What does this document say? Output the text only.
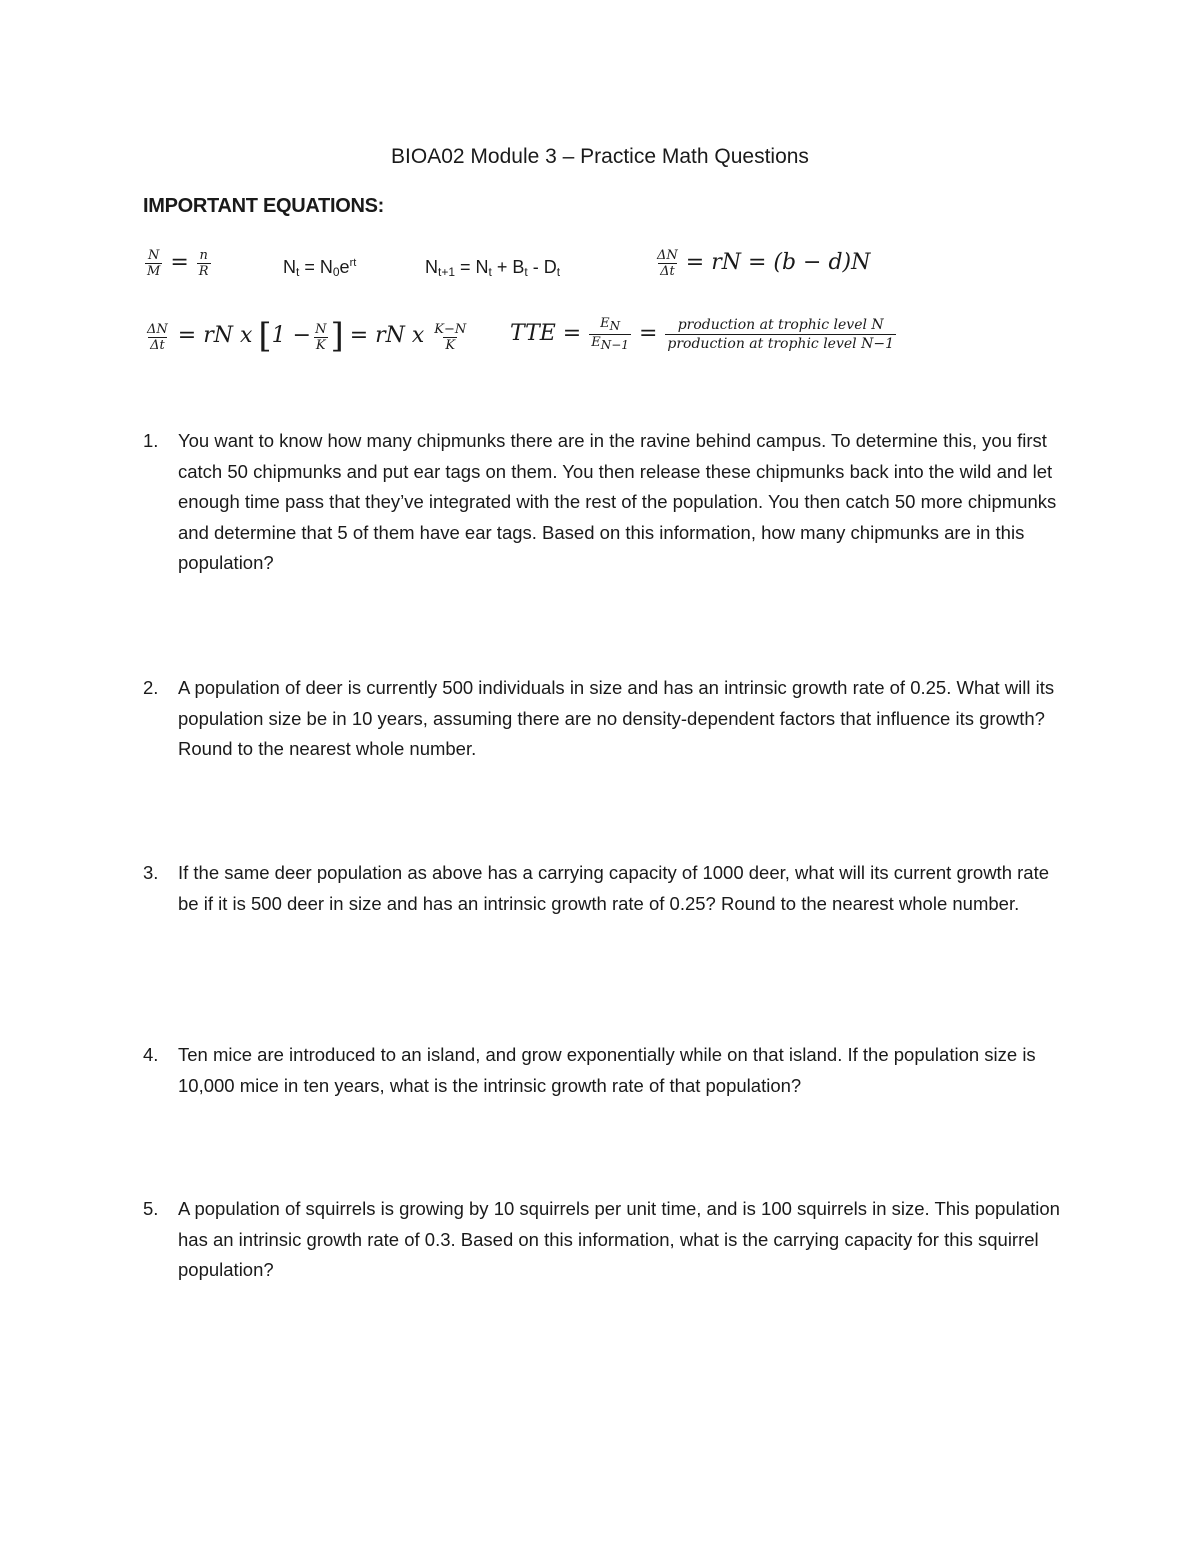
BIOA02 Module 3 – Practice Math Questions
IMPORTANT EQUATIONS:
$\frac{N}{M} = \frac{n}{R}$	$N_t = N_0e^{rt}$	$N_{t+1} = N_t + B_t - D_t$	$\frac{\Delta N}{\Delta t}$ = rN = (b − d)N
$\frac{\Delta N}{\Delta t}$ = rN x [$1 - \frac{N}{K}$ ] = rN x $\frac{K-N}{K}$ TTE = $\frac{EN}{EN-1} = \frac{\text{production at trophic level N}}{\text{production at trophic level N−1}}$
1. You want to know how many chipmunks there are in the ravine behind campus. To determine this, you first catch 50 chipmunks and put ear tags on them. You then release these chipmunks back into the wild and let enough time pass that they’ve integrated with the rest of the population. You then catch 50 more chipmunks and determine that 5 of them have ear tags. Based on this information, how many chipmunks are in this population?
2. A population of deer is currently 500 individuals in size and has an intrinsic growth rate of 0.25. What will its population size be in 10 years, assuming there are no density-dependent factors that influence its growth? Round to the nearest whole number.
3. If the same deer population as above has a carrying capacity of 1000 deer, what will its current growth rate be if it is 500 deer in size and has an intrinsic growth rate of 0.25? Round to the nearest whole number.
4. Ten mice are introduced to an island, and grow exponentially while on that island. If the population size is 10,000 mice in ten years, what is the intrinsic growth rate of that population?
5. A population of squirrels is growing by 10 squirrels per unit time, and is 100 squirrels in size. This population has an intrinsic growth rate of 0.3. Based on this information, what is the carrying capacity for this squirrel population?
